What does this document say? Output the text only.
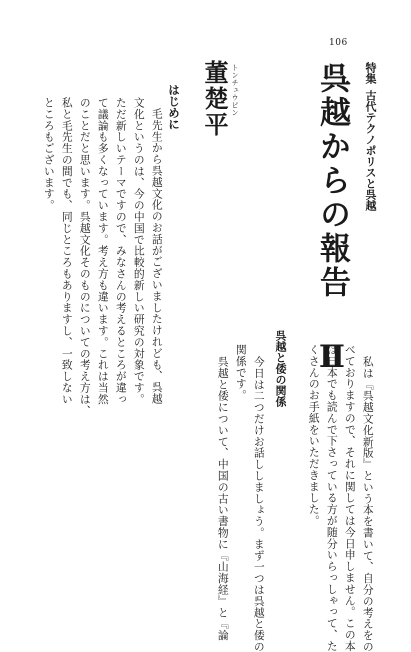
106
特集
古代テクノポリスと呉越
呉越からの報告 Ⅱ
トンチュウピン
董楚平
はじめに
毛先生から呉越文化のお話がございましたけれども、呉越
文化というのは、今の中国で比較的新しい研究の対象です。
ただ新しいテーマですので、みなさんの考えるところが違っ
て議論も多くなっています。考え方も違います。これは当然
のことだと思います。呉越文化そのものについての考え方は、
私と毛先生の間でも、同じところもありますし、一致しない
ところもございます。
私は『呉越文化新版』という本を書いて、自分の考えをの
べておりますので、それに関しては今日申しません。この本
は日本でも読んで下さっている方が随分いらっしゃって、た
くさんのお手紙をいただきました。
呉越と倭の関係
今日は二つだけお話ししましょう。まず一つは呉越と倭の
関係です。
呉越と倭について、中国の古い書物に『山海経』と『論
